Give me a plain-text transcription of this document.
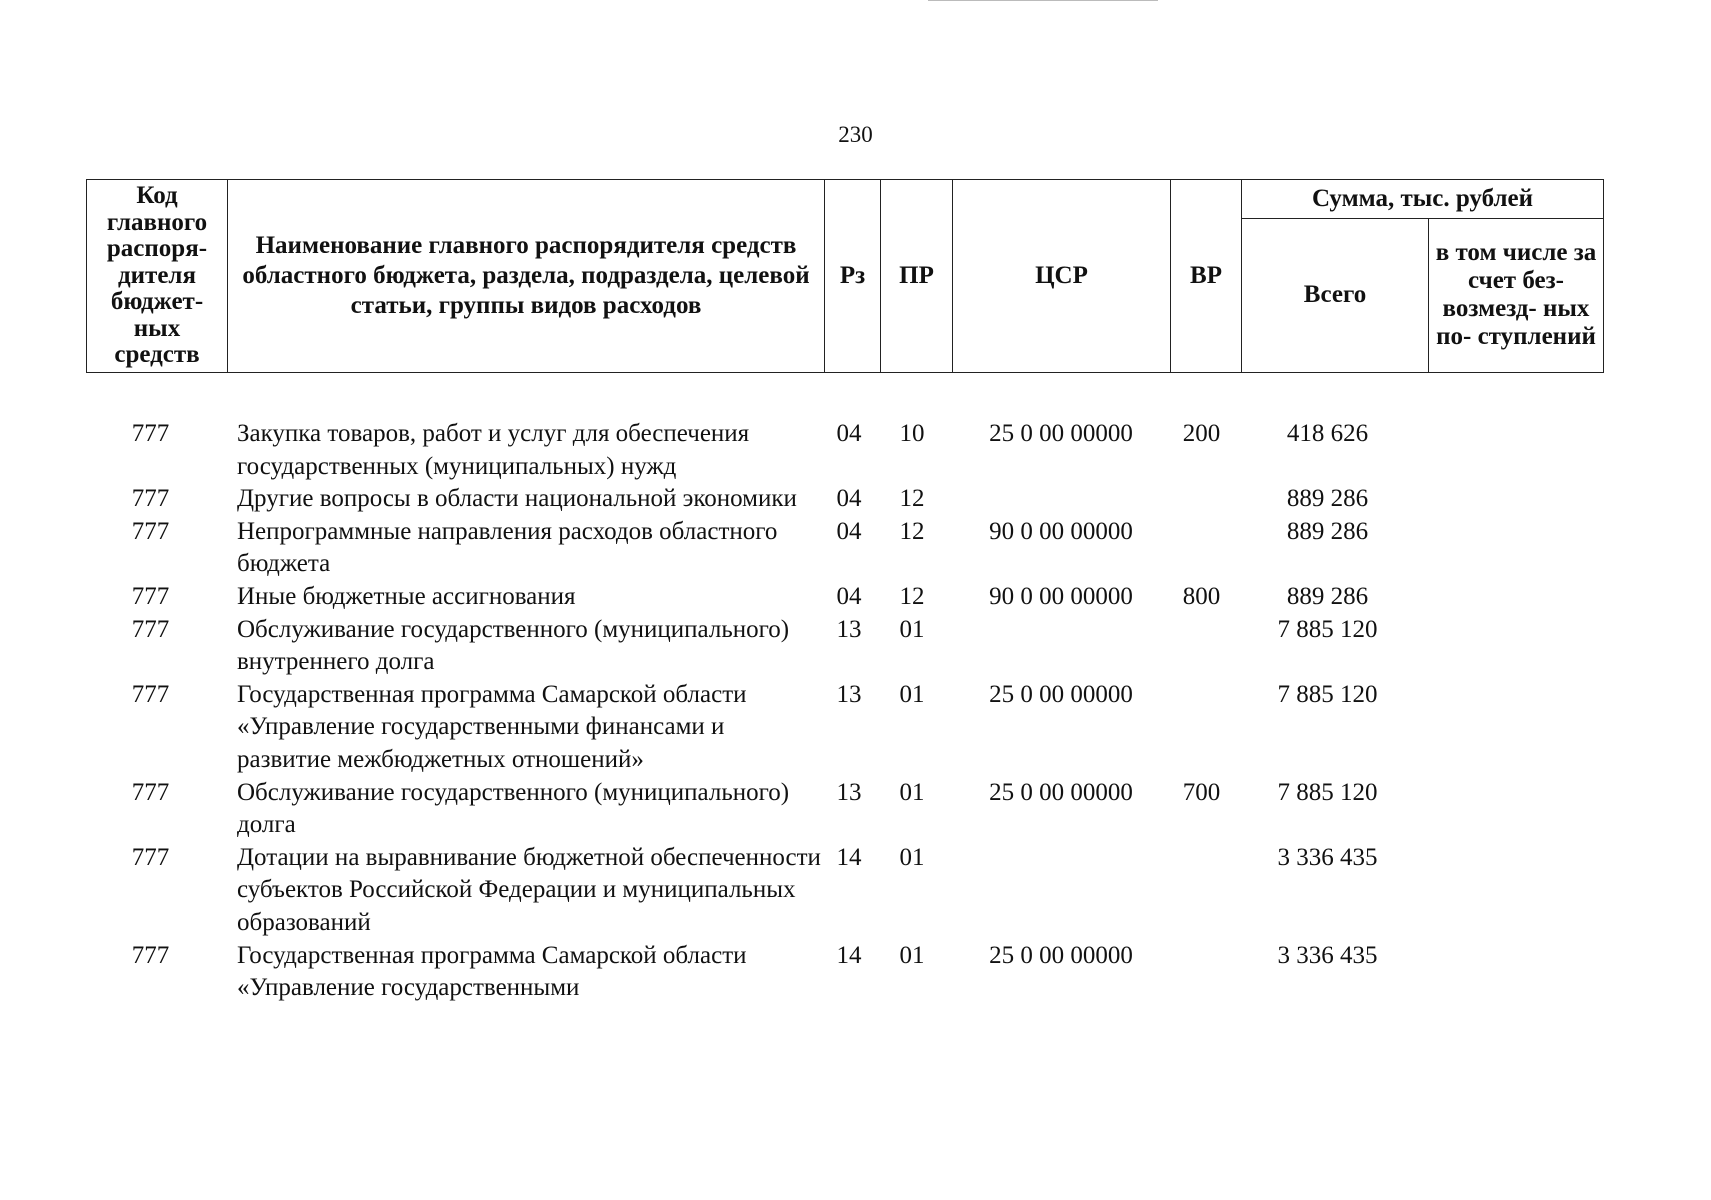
230
Код главного распоря- дителя бюджет- ных средств	Наименование главного распорядителя средств областного бюджета, раздела, подраздела, целевой статьи, группы видов расходов	Рз	ПР	ЦСР	ВР	Сумма, тыс. рублей	
						Всего	в том числе за счет без- возмезд- ных по- ступлений
777	Закупка товаров, работ и услуг для обеспечения государственных (муниципальных) нужд	04	10	25 0 00 00000	200	418 626	
777	Другие вопросы в области национальной экономики	04	12			889 286	
777	Непрограммные направления расходов областного бюджета	04	12	90 0 00 00000		889 286	
777	Иные бюджетные ассигнования	04	12	90 0 00 00000	800	889 286	
777	Обслуживание государственного (муниципального) внутреннего долга	13	01			7 885 120	
777	Государственная программа Самарской области «Управление государственными финансами и развитие межбюджетных отношений»	13	01	25 0 00 00000		7 885 120	
777	Обслуживание государственного (муниципального) долга	13	01	25 0 00 00000	700	7 885 120	
777	Дотации на выравнивание бюджетной обеспеченности субъектов Российской Федерации и муниципальных образований	14	01			3 336 435	
777	Государственная программа Самарской области «Управление государственными	14	01	25 0 00 00000		3 336 435	
